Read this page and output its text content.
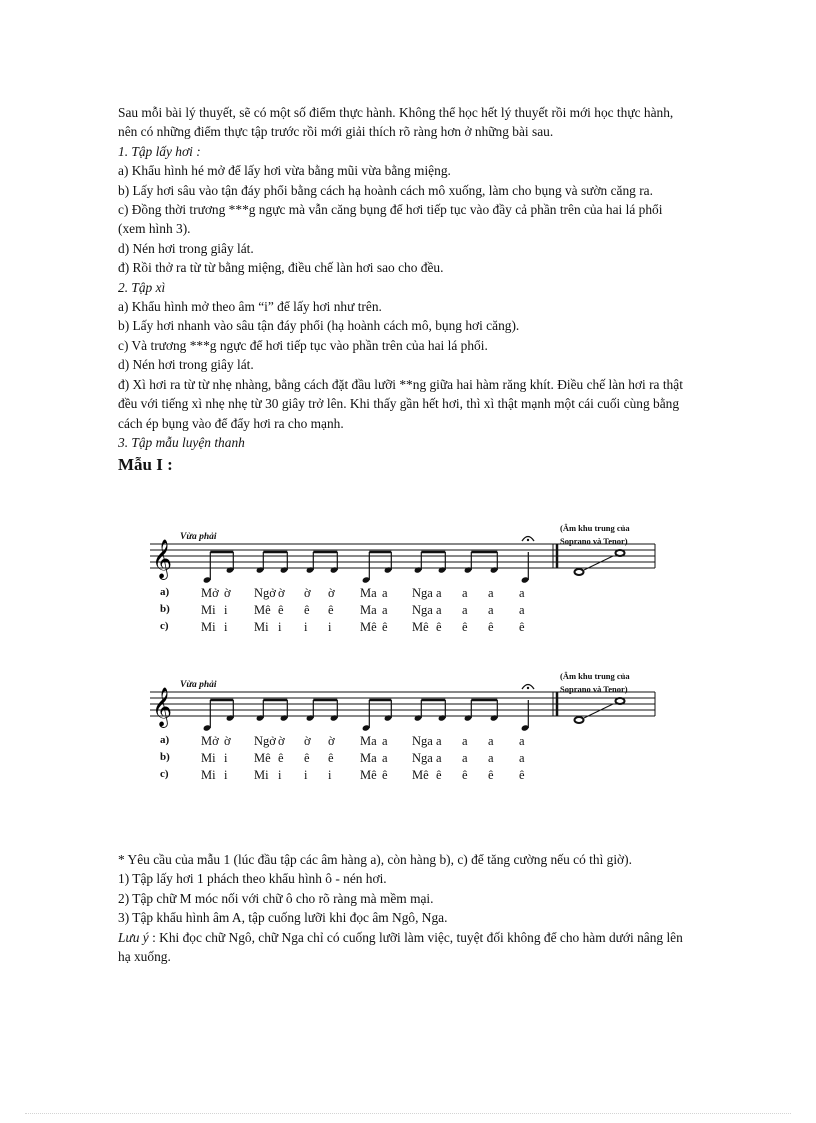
Sau mỗi bài lý thuyết, sẽ có một số điểm thực hành. Không thể học hết lý thuyết rồi mới học thực hành, nên có những điểm thực tập trước rồi mới giải thích rõ ràng hơn ở những bài sau.

1. Tập lấy hơi :

a) Khẩu hình hé mở để lấy hơi vừa bằng mũi vừa bằng miệng.

b) Lấy hơi sâu vào tận đáy phổi bằng cách hạ hoành cách mô xuống, làm cho bụng và sườn căng ra.

c) Đồng thời trương ***g ngực mà vẫn căng bụng để hơi tiếp tục vào đầy cả phần trên của hai lá phổi (xem hình 3).

d) Nén hơi trong giây lát.

đ) Rồi thở ra từ từ bằng miệng, điều chế làn hơi sao cho đều.

2. Tập xì

a) Khẩu hình mở theo âm “i” để lấy hơi như trên.

b) Lấy hơi nhanh vào sâu tận đáy phổi (hạ hoành cách mô, bụng hơi căng).

c) Và trương ***g ngực để hơi tiếp tục vào phần trên của hai lá phổi.

d) Nén hơi trong giây lát.

đ) Xì hơi ra từ từ nhẹ nhàng, bằng cách đặt đầu lưỡi **ng giữa hai hàm răng khít. Điều chế làn hơi ra thật đều với tiếng xì nhẹ nhẹ từ 30 giây trở lên. Khi thấy gần hết hơi, thì xì thật mạnh một cái cuối cùng bằng cách ép bụng vào để đẩy hơi ra cho mạnh.

3. Tập mẫu luyện thanh

Mẫu I :

𝄞
Vừa phải
(Âm khu trung của
Soprano và Tenor)
a)	Mở ờ Ngở ờ ờ ờ Ma a Nga a a a a
b) Mi i Mê ê ê ê Ma a Nga a a a a
c)	Mi i Mi i i i Mê ê Mê ê ê ê ê
𝄞
Vừa phải
(Âm khu trung của
Soprano và Tenor)
a)	Mở ờ Ngở ờ ờ ờ Ma a Nga a a a a
b) Mi i Mê ê ê ê Ma a Nga a a a a
c)	Mi i Mi i i i Mê ê Mê ê ê ê ê

* Yêu cầu của mẫu 1 (lúc đầu tập các âm hàng a), còn hàng b), c) để tăng cường nếu có thì giờ).

1) Tập lấy hơi 1 phách theo khẩu hình ô - nén hơi.

2) Tập chữ M móc nối với chữ ô cho rõ ràng mà mềm mại.

3) Tập khẩu hình âm A, tập cuống lưỡi khi đọc âm Ngô, Nga.

Lưu ý : Khi đọc chữ Ngô, chữ Nga chỉ có cuống lưỡi làm việc, tuyệt đối không để cho hàm dưới nâng lên hạ xuống.
